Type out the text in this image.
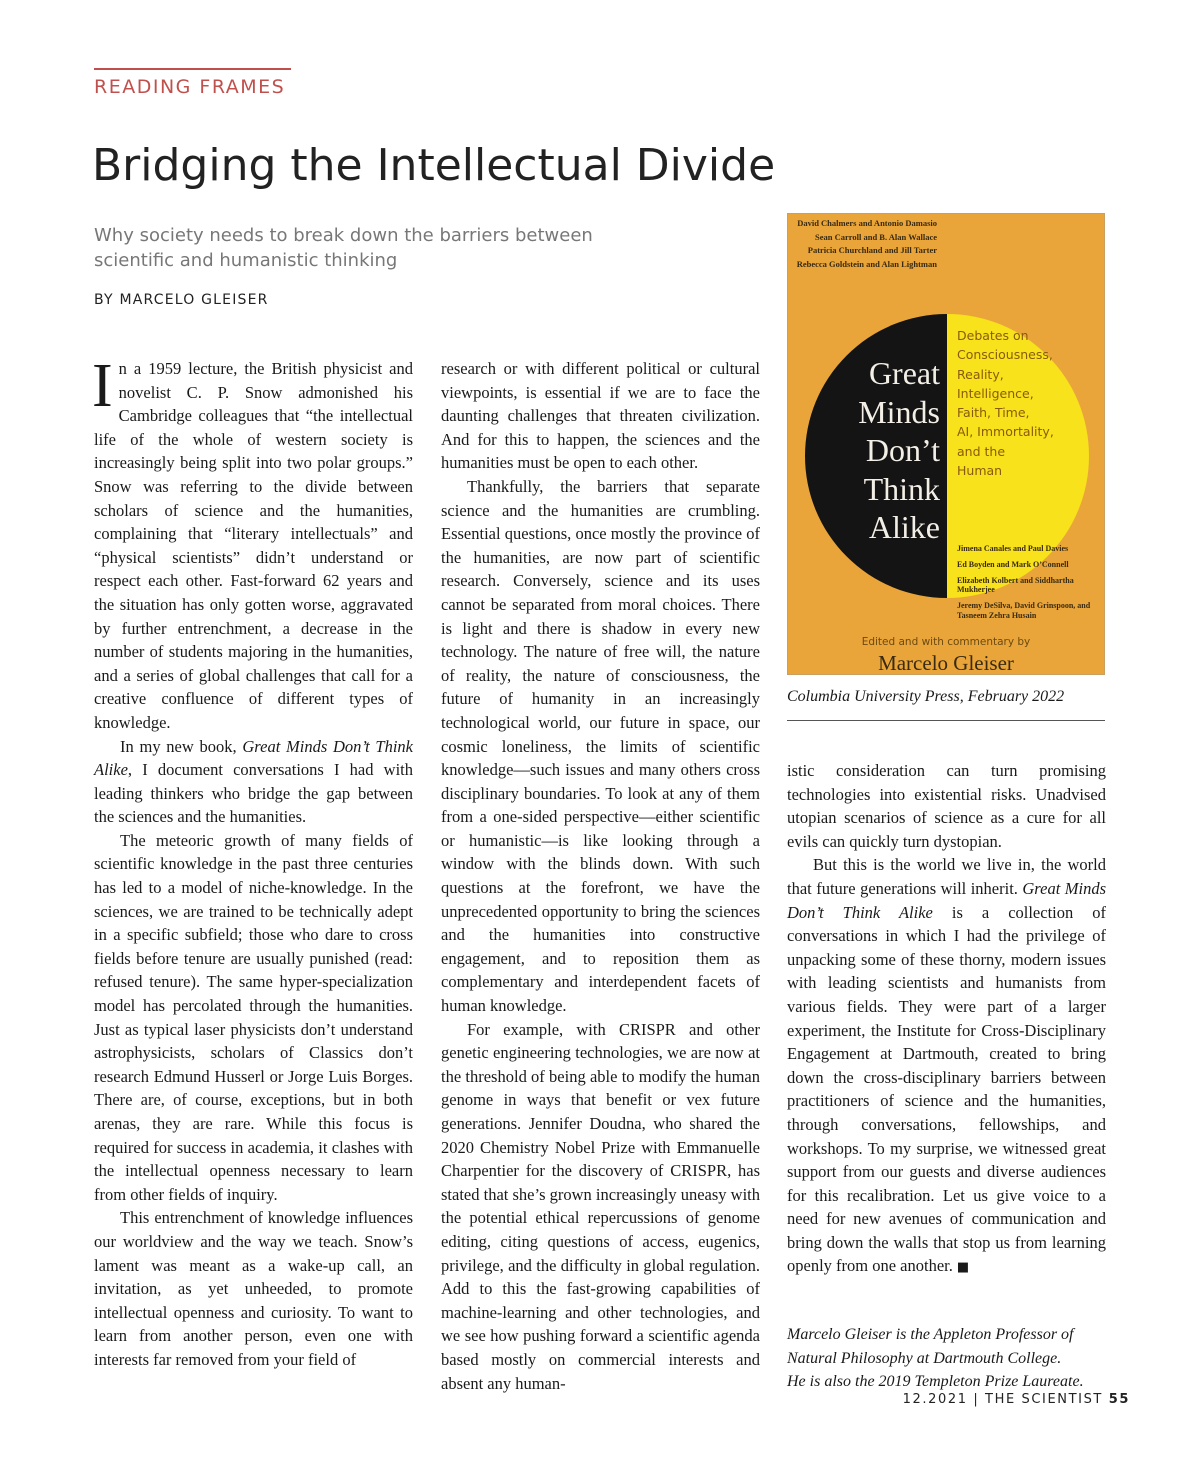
READING FRAMES
Bridging the Intellectual Divide
Why society needs to break down the barriers between scientific and humanistic thinking
BY MARCELO GLEISER

In a 1959 lecture, the British physicist and novelist C. P. Snow admonished his Cambridge colleagues that “the intellectual life of the whole of western society is increasingly being split into two polar groups.” Snow was referring to the divide between scholars of science and the humanities, complaining that “literary intellectuals” and “physical scientists” didn’t understand or respect each other. Fast-forward 62 years and the situation has only gotten worse, aggravated by further entrenchment, a decrease in the number of students majoring in the humanities, and a series of global challenges that call for a creative confluence of different types of knowledge.

In my new book, Great Minds Don’t Think Alike, I document conversations I had with leading thinkers who bridge the gap between the sciences and the humanities.

The meteoric growth of many fields of scientific knowledge in the past three centuries has led to a model of niche-knowledge. In the sciences, we are trained to be technically adept in a specific subfield; those who dare to cross fields before tenure are usually punished (read: refused tenure). The same hyper-specialization model has percolated through the humanities. Just as typical laser physicists don’t understand astrophysicists, scholars of Classics don’t research Edmund Husserl or Jorge Luis Borges. There are, of course, exceptions, but in both arenas, they are rare. While this focus is required for success in academia, it clashes with the intellectual openness necessary to learn from other fields of inquiry.

This entrenchment of knowledge influences our worldview and the way we teach. Snow’s lament was meant as a wake-up call, an invitation, as yet unheeded, to promote intellectual openness and curiosity. To want to learn from another person, even one with interests far removed from your field of

research or with different political or cultural viewpoints, is essential if we are to face the daunting challenges that threaten civilization. And for this to happen, the sciences and the humanities must be open to each other.

Thankfully, the barriers that separate science and the humanities are crumbling. Essential questions, once mostly the province of the humanities, are now part of scientific research. Conversely, science and its uses cannot be separated from moral choices. There is light and there is shadow in every new technology. The nature of free will, the nature of reality, the nature of consciousness, the future of humanity in an increasingly technological world, our future in space, our cosmic loneliness, the limits of scientific knowledge—such issues and many others cross disciplinary boundaries. To look at any of them from a one-sided perspective—either scientific or humanistic—is like looking through a window with the blinds down. With such questions at the forefront, we have the unprecedented opportunity to bring the sciences and the humanities into constructive engagement, and to reposition them as complementary and interdependent facets of human knowledge.

For example, with CRISPR and other genetic engineering technologies, we are now at the threshold of being able to modify the human genome in ways that benefit or vex future generations. Jennifer Doudna, who shared the 2020 Chemistry Nobel Prize with Emmanuelle Charpentier for the discovery of CRISPR, has stated that she’s grown increasingly uneasy with the potential ethical repercussions of genome editing, citing questions of access, eugenics, privilege, and the difficulty in global regulation. Add to this the fast-growing capabilities of machine-learning and other technologies, and we see how pushing forward a scientific agenda based mostly on commercial interests and absent any human-

David Chalmers and Antonio Damasio
Sean Carroll and B. Alan Wallace
Patricia Churchland and Jill Tarter
Rebecca Goldstein and Alan Lightman
Great
Minds
Don’t
Think
Alike
Debates on
Consciousness,
Reality,
Intelligence,
Faith, Time,
AI, Immortality,
and the
Human
Jimena Canales and Paul Davies
Ed Boyden and Mark O’Connell
Elizabeth Kolbert and Siddhartha Mukherjee
Jeremy DeSilva, David Grinspoon, and Tasneem Zehra Husain
Edited and with commentary by
Marcelo Gleiser
Columbia University Press, February 2022

istic consideration can turn promising technologies into existential risks. Unadvised utopian scenarios of science as a cure for all evils can quickly turn dystopian.

But this is the world we live in, the world that future generations will inherit. Great Minds Don’t Think Alike is a collection of conversations in which I had the privilege of unpacking some of these thorny, modern issues with leading scientists and humanists from various fields. They were part of a larger experiment, the Institute for Cross-Disciplinary Engagement at Dartmouth, created to bring down the cross-disciplinary barriers between practitioners of science and the humanities, through conversations, fellowships, and workshops. To my surprise, we witnessed great support from our guests and diverse audiences for this recalibration. Let us give voice to a need for new avenues of communication and bring down the walls that stop us from learning openly from one another. ■

Marcelo Gleiser is the Appleton Professor of
Natural Philosophy at Dartmouth College.
He is also the 2019 Templeton Prize Laureate.
12.2021 | THE SCIENTIST 55
